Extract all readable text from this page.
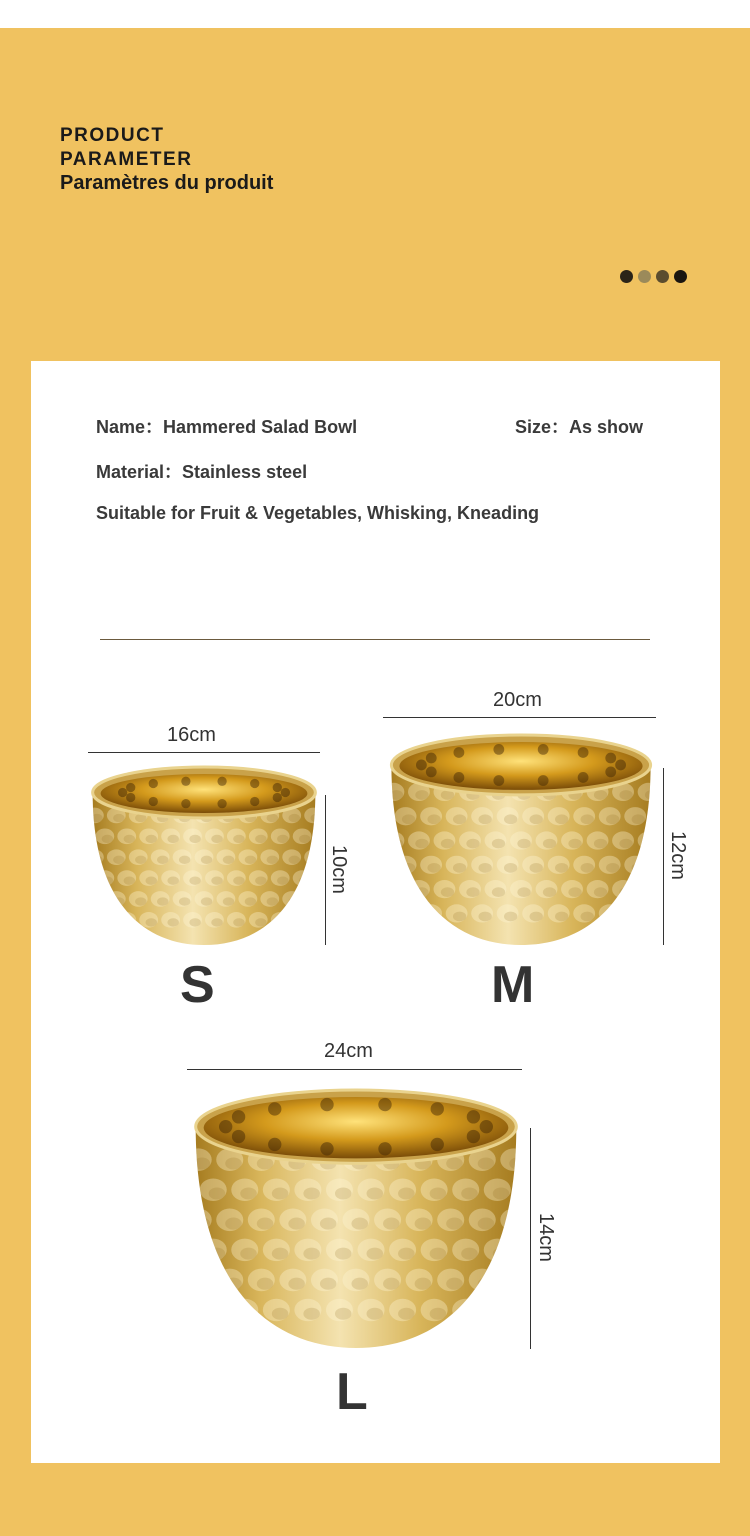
PRODUCT
PARAMETER
Paramètres du produit
Name：Hammered Salad Bowl	Size：As show
Material：Stainless steel
Suitable for Fruit & Vegetables, Whisking, Kneading
16cm
10cm
S
20cm
12cm
M
24cm
14cm
L
